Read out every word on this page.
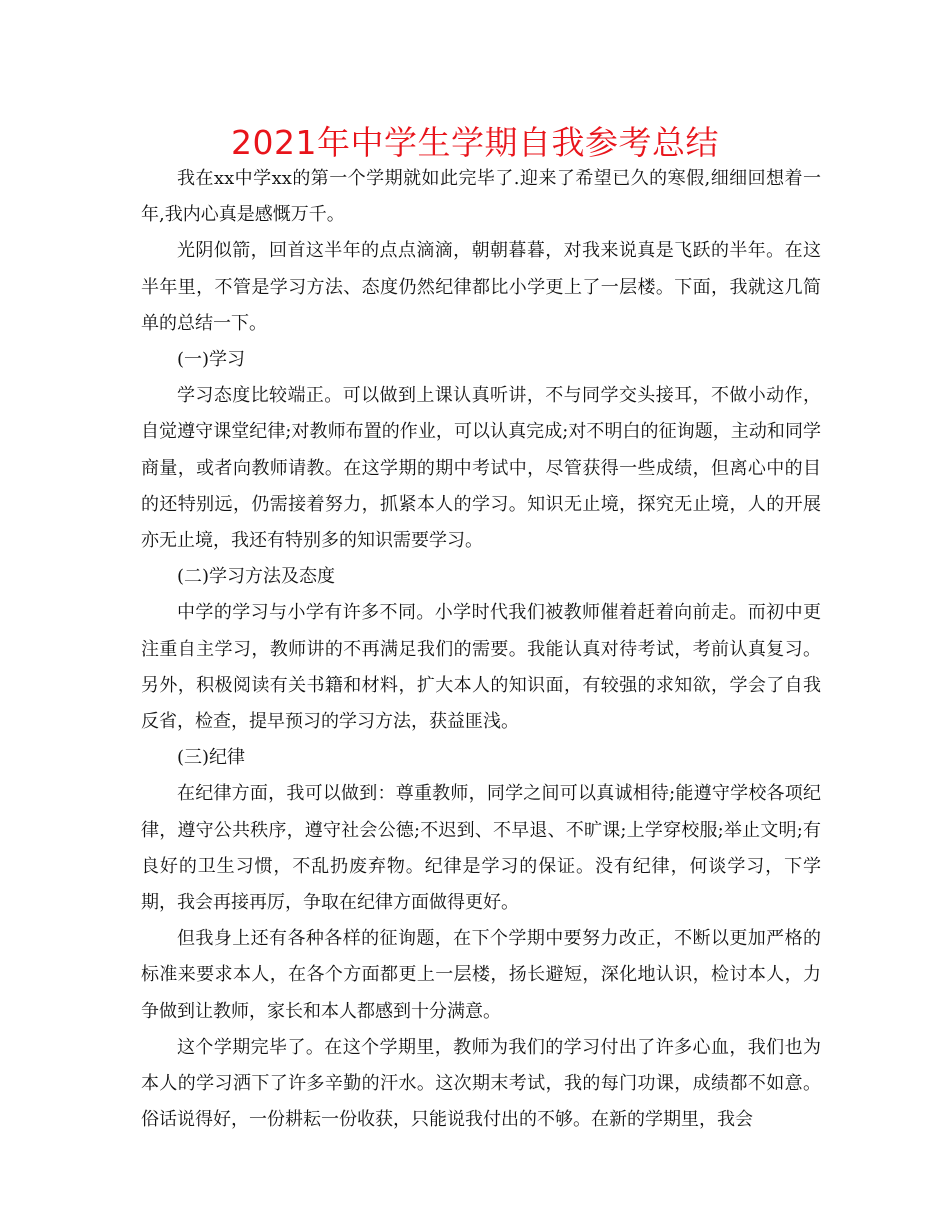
2021年中学生学期自我参考总结

我在xx中学xx的第一个学期就如此完毕了.迎来了希望已久的寒假,细细回想着一年,我内心真是感慨万千。

光阴似箭，回首这半年的点点滴滴，朝朝暮暮，对我来说真是飞跃的半年。在这半年里，不管是学习方法、态度仍然纪律都比小学更上了一层楼。下面，我就这几简单的总结一下。

(一)学习

学习态度比较端正。可以做到上课认真听讲，不与同学交头接耳，不做小动作，自觉遵守课堂纪律;对教师布置的作业，可以认真完成;对不明白的征询题，主动和同学商量，或者向教师请教。在这学期的期中考试中，尽管获得一些成绩，但离心中的目的还特别远，仍需接着努力，抓紧本人的学习。知识无止境，探究无止境，人的开展亦无止境，我还有特别多的知识需要学习。

(二)学习方法及态度

中学的学习与小学有许多不同。小学时代我们被教师催着赶着向前走。而初中更注重自主学习，教师讲的不再满足我们的需要。我能认真对待考试，考前认真复习。另外，积极阅读有关书籍和材料，扩大本人的知识面，有较强的求知欲，学会了自我反省，检查，提早预习的学习方法，获益匪浅。

(三)纪律

在纪律方面，我可以做到：尊重教师，同学之间可以真诚相待;能遵守学校各项纪律，遵守公共秩序，遵守社会公德;不迟到、不早退、不旷课;上学穿校服;举止文明;有良好的卫生习惯，不乱扔废弃物。纪律是学习的保证。没有纪律，何谈学习，下学期，我会再接再厉，争取在纪律方面做得更好。

但我身上还有各种各样的征询题，在下个学期中要努力改正，不断以更加严格的标准来要求本人，在各个方面都更上一层楼，扬长避短，深化地认识，检讨本人，力争做到让教师，家长和本人都感到十分满意。

这个学期完毕了。在这个学期里，教师为我们的学习付出了许多心血，我们也为本人的学习洒下了许多辛勤的汗水。这次期末考试，我的每门功课，成绩都不如意。俗话说得好，一份耕耘一份收获，只能说我付出的不够。在新的学期里，我会
